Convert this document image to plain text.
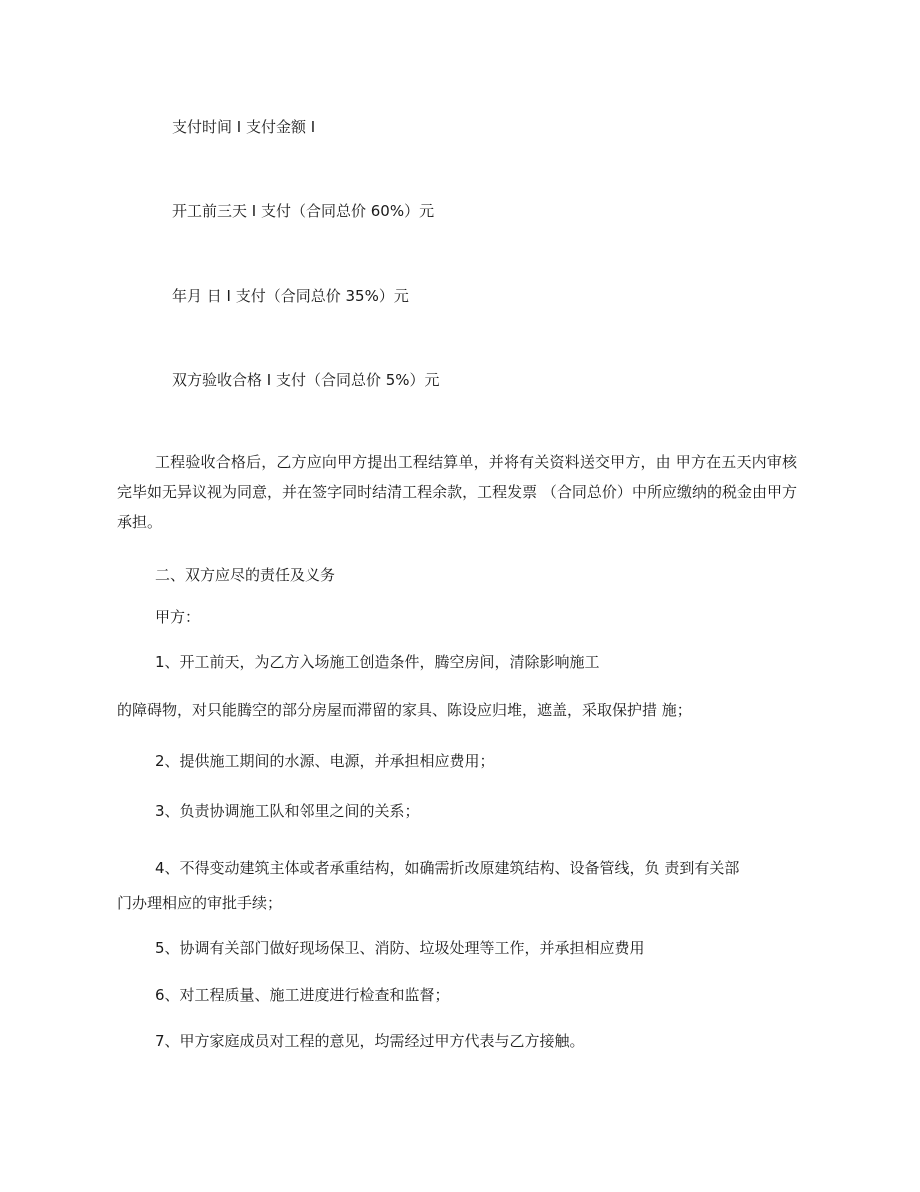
支付时间 I 支付金额 I
开工前三天 I 支付（合同总价 60%）元
年月 日 I 支付（合同总价 35%）元
双方验收合格 I 支付（合同总价 5%）元
工程验收合格后，乙方应向甲方提出工程结算单，并将有关资料送交甲方，由 甲方在五天内审核完毕如无异议视为同意，并在签字同时结清工程余款，工程发票 （合同总价）中所应缴纳的税金由甲方承担。
二、双方应尽的责任及义务
甲方：
1、开工前天，为乙方入场施工创造条件，腾空房间，清除影响施工
的障碍物，对只能腾空的部分房屋而滞留的家具、陈设应归堆，遮盖，采取保护措 施；
2、提供施工期间的水源、电源，并承担相应费用；
3、负责协调施工队和邻里之间的关系；
4、不得变动建筑主体或者承重结构，如确需折改原建筑结构、设备管线，负 责到有关部
门办理相应的审批手续；
5、协调有关部门做好现场保卫、消防、垃圾处理等工作，并承担相应费用
6、对工程质量、施工进度进行检查和监督；
7、甲方家庭成员对工程的意见，均需经过甲方代表与乙方接触。
